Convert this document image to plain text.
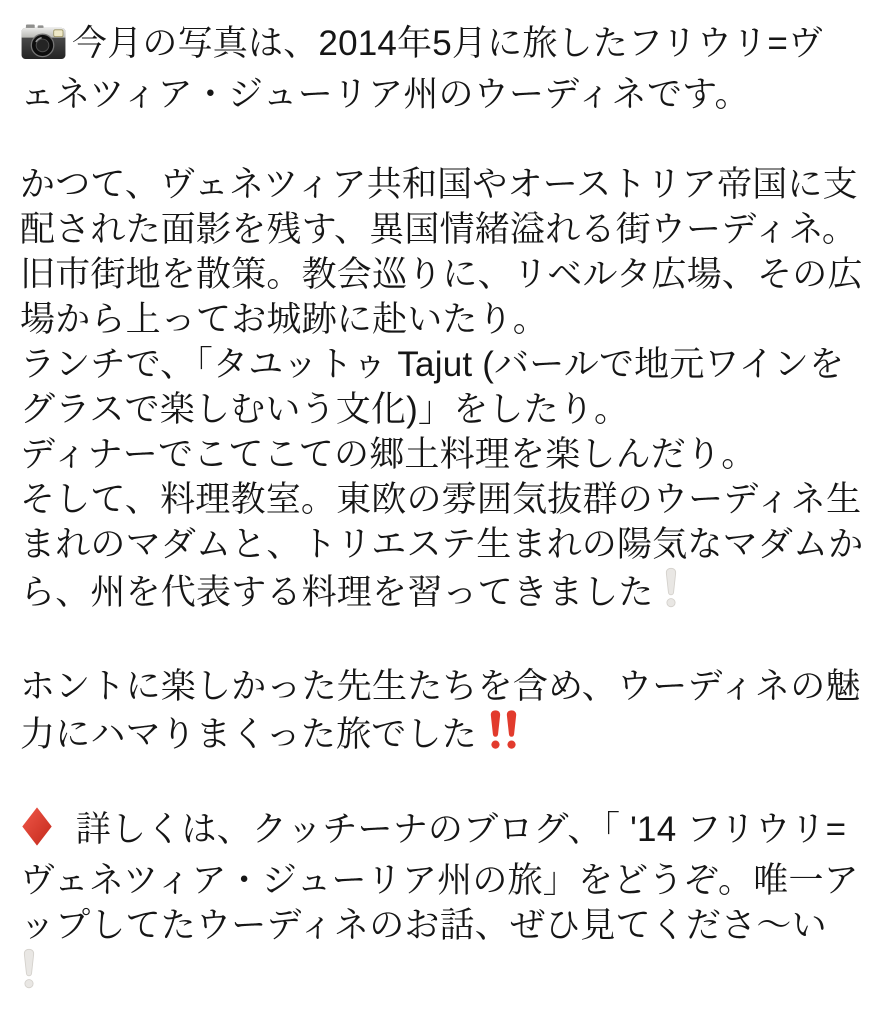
今月の写真は、2014年5月に旅したフリウリ=ヴ
ェネツィア・ジューリア州のウーディネです。

かつて、ヴェネツィア共和国やオーストリア帝国に支
配された面影を残す、異国情緒溢れる街ウーディネ。
旧市街地を散策。教会巡りに、リベルタ広場、その広
場から上ってお城跡に赴いたり。
ランチで、「タユットゥ Tajut (バールで地元ワインを
グラスで楽しむいう文化)」をしたり。
ディナーでこてこての郷土料理を楽しんだり。
そして、料理教室。東欧の雰囲気抜群のウーディネ生
まれのマダムと、トリエステ生まれの陽気なマダムか
ら、州を代表する料理を習ってきました

ホントに楽しかった先生たちを含め、ウーディネの魅
力にハマりまくった旅でした

詳しくは、クッチーナのブログ、「 '14 フリウリ=
ヴェネツィア・ジューリア州の旅」をどうぞ。唯一ア
ップしてたウーディネのお話、ぜひ見てくださ〜い
